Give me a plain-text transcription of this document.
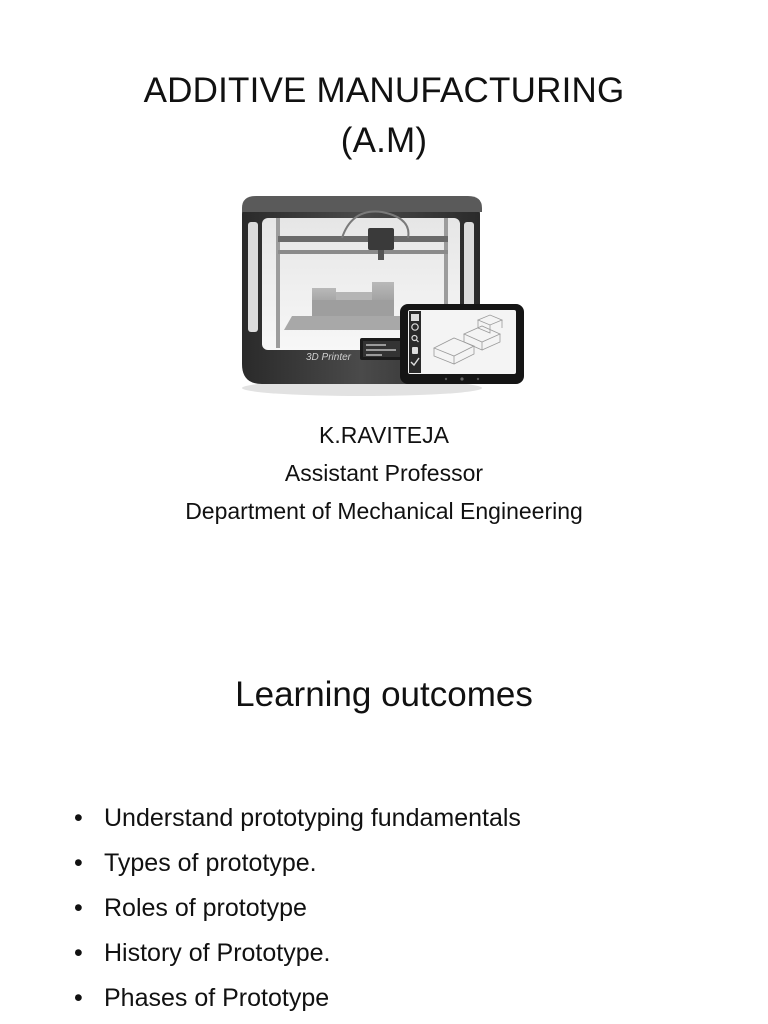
ADDITIVE MANUFACTURING
(A.M)
3D Printer
K.RAVITEJA
Assistant Professor
Department of Mechanical Engineering
Learning outcomes
• Understand prototyping fundamentals
• Types of prototype.
• Roles of prototype
• History of Prototype.
• Phases of Prototype
